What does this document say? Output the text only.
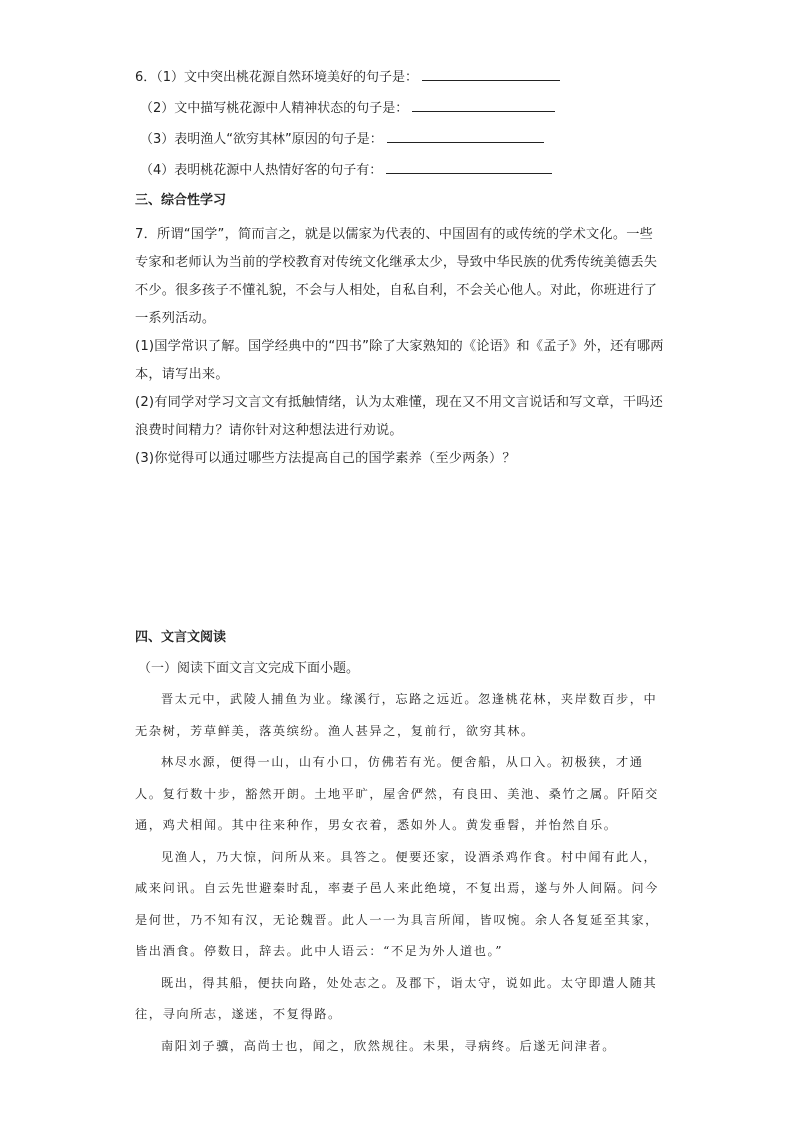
6．（1）文中突出桃花源自然环境美好的句子是：
（2）文中描写桃花源中人精神状态的句子是：
（3）表明渔人“欲穷其林”原因的句子是：
（4）表明桃花源中人热情好客的句子有：
三、综合性学习

7．所谓“国学”，简而言之，就是以儒家为代表的、中国固有的或传统的学术文化。一些专家和老师认为当前的学校教育对传统文化继承太少，导致中华民族的优秀传统美德丢失不少。很多孩子不懂礼貌，不会与人相处，自私自利，不会关心他人。对此，你班进行了一系列活动。

(1)国学常识了解。国学经典中的“四书”除了大家熟知的《论语》和《孟子》外，还有哪两本，请写出来。

(2)有同学对学习文言文有抵触情绪，认为太难懂，现在又不用文言说话和写文章，干吗还浪费时间精力？请你针对这种想法进行劝说。

(3)你觉得可以通过哪些方法提高自己的国学素养（至少两条）？

四、文言文阅读
（一）阅读下面文言文完成下面小题。

晋太元中，武陵人捕鱼为业。缘溪行，忘路之远近。忽逢桃花林，夹岸数百步，中无杂树，芳草鲜美，落英缤纷。渔人甚异之，复前行，欲穷其林。

林尽水源，便得一山，山有小口，仿佛若有光。便舍船，从口入。初极狭，才通人。复行数十步，豁然开朗。土地平旷，屋舍俨然，有良田、美池、桑竹之属。阡陌交通，鸡犬相闻。其中往来种作，男女衣着，悉如外人。黄发垂髫，并怡然自乐。

见渔人，乃大惊，问所从来。具答之。便要还家，设酒杀鸡作食。村中闻有此人，咸来问讯。自云先世避秦时乱，率妻子邑人来此绝境，不复出焉，遂与外人间隔。问今是何世，乃不知有汉，无论魏晋。此人一一为具言所闻，皆叹惋。余人各复延至其家，皆出酒食。停数日，辞去。此中人语云：“不足为外人道也。”

既出，得其船，便扶向路，处处志之。及郡下，诣太守，说如此。太守即遣人随其往，寻向所志，遂迷，不复得路。

南阳刘子骥，高尚士也，闻之，欣然规往。未果，寻病终。后遂无问津者。
